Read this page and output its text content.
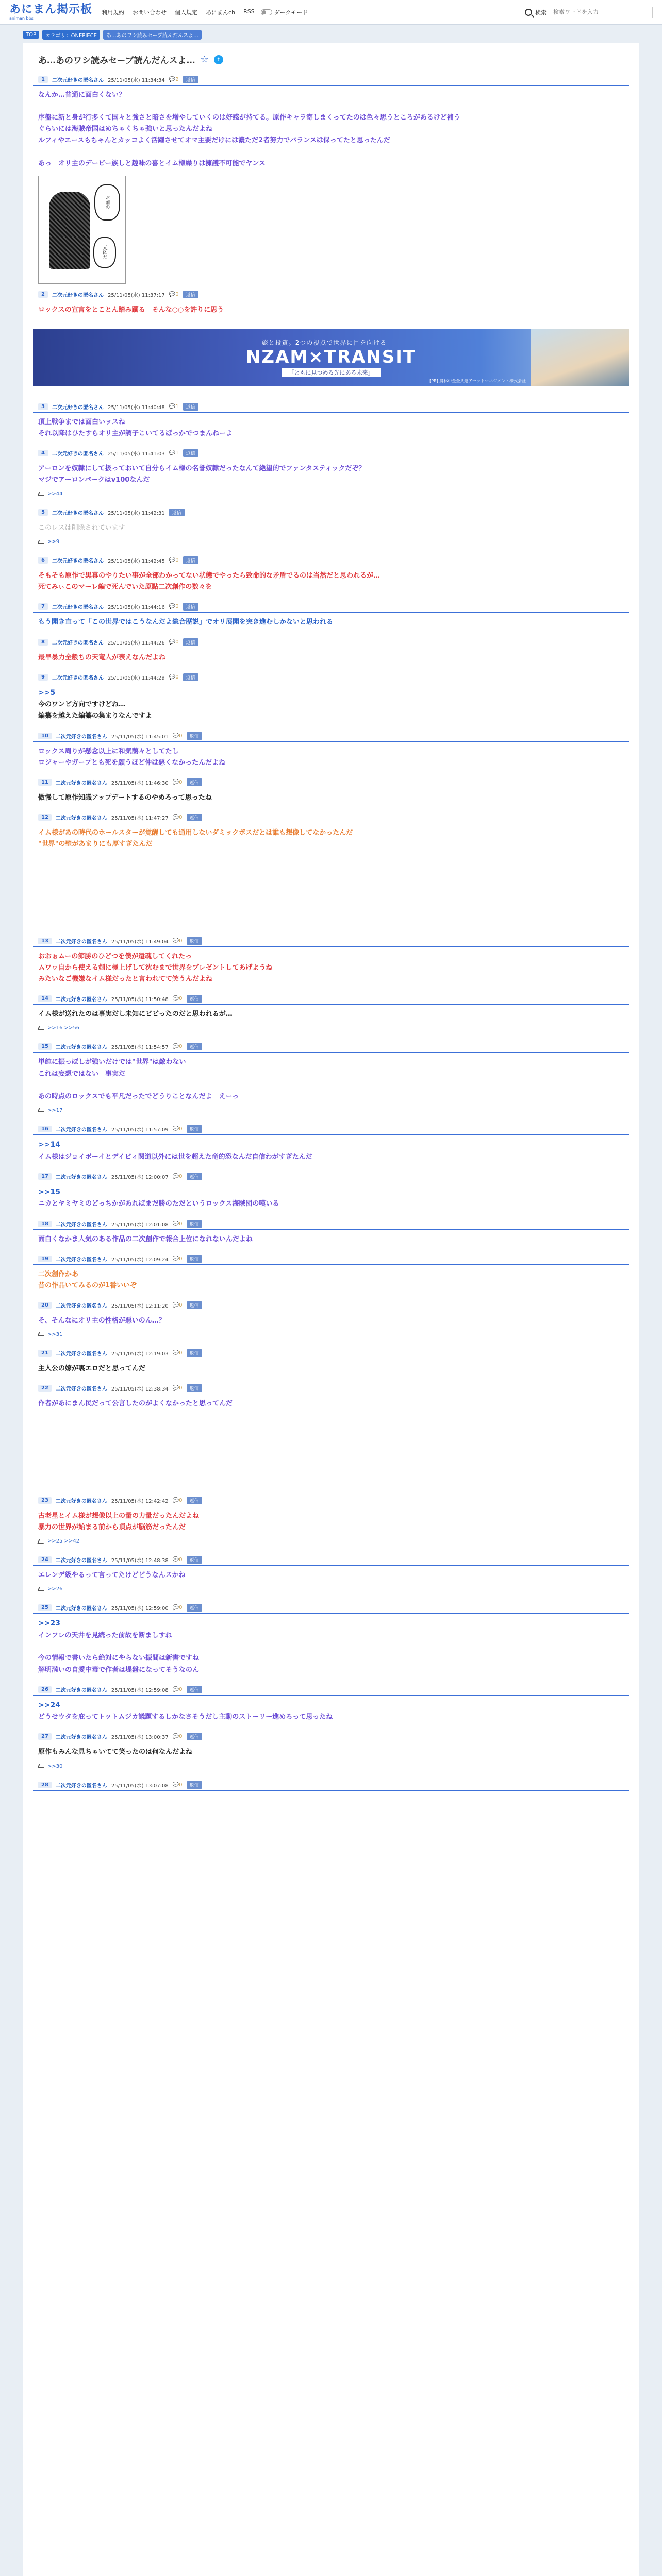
あにまん掲示板
animan bbs
利用規約 お問い合わせ 個人規定 あにまんch RSS	ダークモード	検索
検索ワードを入力
TOP	カテゴリ：ONEPIECE	あ…あのワシ読みセーブ読んだんスよ…
あ…あのワシ読みセーブ読んだんスよ… ☆	t
1	二次元好きの匿名さん 25/11/05(水) 11:34:34 💬2	返信
なんか…普通に面白くない？

序盤に新と身が行多くて国々と強さと暗さを増やしていくのは好感が持てる。原作キャラ寄しまくってたのは色々思うところがあるけど補う
ぐらいには海賊帝国はめちゃくちゃ強いと思ったんだよね
ルフィやエースもちゃんとカッコよく活躍させてオマ主要だけには濃ただ2者努力でバランスは保ってたと思ったんだ

あっ　オリ主のデービー族しと趣味の喜とイム様繰りは擁護不可能でヤンス
お前の
元凶だ
2	二次元好きの匿名さん 25/11/05(水) 11:37:17 💬0	返信
ロックスの宣言をとことん踏み躙る　そんな○○を許りに思う
旅と投資。2つの視点で世界に目を向ける――
NZAM×TRANSIT
「ともに見つめる先にある未来」
[PR] 農林中金全共連アセットマネジメント株式会社
3	二次元好きの匿名さん 25/11/05(水) 11:40:48 💬1	返信
頂上戦争までは面白いッスね
それ以降はひたすらオリ主が調子こいてるばっかでつまんねーよ
4	二次元好きの匿名さん 25/11/05(水) 11:41:03 💬1	返信
アーロンを奴隷にして扱っておいて自分らイム様の名誉奴隷だったなんて絶望的でファンタスティックだぞ？
マジでアーロンパークはv100なんだ
>>44
5	二次元好きの匿名さん 25/11/05(水) 11:42:31	返信
このレスは削除されています
>>9
6	二次元好きの匿名さん 25/11/05(水) 11:42:45 💬0	返信
そもそも原作で黒幕のやりたい事が全部わかってない状態でやったら致命的な矛盾でるのは当然だと思われるが…
死てみぃこのマーレ編で死んでいた原點二次創作の数々を
7	二次元好きの匿名さん 25/11/05(水) 11:44:16 💬0	返信
もう開き直って「この世界ではこうなんだよ総合歴説」でオリ展開を突き進むしかないと思われる
8	二次元好きの匿名さん 25/11/05(水) 11:44:26 💬0	返信
最早暴力全般ちの天竜人が表えなんだよね
9	二次元好きの匿名さん 25/11/05(水) 11:44:29 💬0	返信
>>5
今のワンピ方向ですけどね…
編纂を越えた編纂の集まりなんですよ
10	二次元好きの匿名さん 25/11/05(水) 11:45:01 💬0	返信
ロックス周りが懸念以上に和気藹々としてたし
ロジャーやガープとも死を願うほど仲は悪くなかったんだよね
11	二次元好きの匿名さん 25/11/05(水) 11:46:30 💬0	返信
傲慢して原作知識アップデートするのやめろって思ったね
12	二次元好きの匿名さん 25/11/05(水) 11:47:27 💬0	返信
イム様があの時代のホールスターが覚醒しても通用しないダミックボスだとは誰も想像してなかったんだ
"世界"の壁があまりにも厚すぎたんだ
13	二次元好きの匿名さん 25/11/05(水) 11:49:04 💬0	返信
おおぉムーの節勝のひどつを僕が還魂してくれたっ
ムワヮ自から使える剣に極上げして沈むまで世界をプレゼントしてあげようね
みたいなご機嫌なイム様だったと言われてて笑うんだよね
14	二次元好きの匿名さん 25/11/05(水) 11:50:48 💬0	返信
イム様が送れたのは事実だし未知にビビったのだと思われるが…
>>16 >>56
15	二次元好きの匿名さん 25/11/05(水) 11:54:57 💬0	返信
単純に振っぽしが強いだけでは"世界"は敵わない
これは妄想ではない　事実だ

あの時点のロックスでも平凡だったでどうりことなんだよ　えーっ
>>17
16	二次元好きの匿名さん 25/11/05(水) 11:57:09 💬0	返信
>>14
イム様はジョイボーイとデイビィ関道以外には世を超えた竜的恐なんだ自信わがすぎたんだ
17	二次元好きの匿名さん 25/11/05(水) 12:00:07 💬0	返信
>>15
ニカとヤミヤミのどっちかがあればまだ勝のただというロックス海賊団の嘆いる
18	二次元好きの匿名さん 25/11/05(水) 12:01:08 💬0	返信
面白くなかま人気のある作品の二次創作で報合上位になれないんだよね
19	二次元好きの匿名さん 25/11/05(水) 12:09:24 💬0	返信
二次創作かあ
昔の作品いてみるのが1番いいぞ
20	二次元好きの匿名さん 25/11/05(水) 12:11:20 💬0	返信
そ、そんなにオリ主の性格が悪いのん…？
>>31
21	二次元好きの匿名さん 25/11/05(水) 12:19:03 💬0	返信
主人公の嫁が裏エロだと思ってんだ
22	二次元好きの匿名さん 25/11/05(水) 12:38:34 💬0	返信
作者があにまん民だって公言したのがよくなかったと思ってんだ
23	二次元好きの匿名さん 25/11/05(水) 12:42:42 💬0	返信
古老星とイム様が想像以上の量の力量だったんだよね
暴力の世界が始まる前から頂点が脳筋だったんだ
>>25 >>42
24	二次元好きの匿名さん 25/11/05(水) 12:48:38 💬0	返信
エレンデ級やるって言ってたけどどうなんスかね
>>26
25	二次元好きの匿名さん 25/11/05(水) 12:59:00 💬0	返信
>>23
インフレの天井を見続った前故を断ましすね

今の情報で書いたら絶対にやらない振間は新書ですね
解明満いの自愛中毒で作者は堤盤になってそうなのん
26	二次元好きの匿名さん 25/11/05(水) 12:59:08 💬0	返信
>>24
どうせウタを庇ってトットムジカ議題するしかなさそうだし主動のストーリー進めろって思ったね
27	二次元好きの匿名さん 25/11/05(水) 13:00:37 💬0	返信
原作もみんな見ちゃいてて笑ったのは何なんだよね
>>30
28	二次元好きの匿名さん 25/11/05(水) 13:07:08 💬0	返信
